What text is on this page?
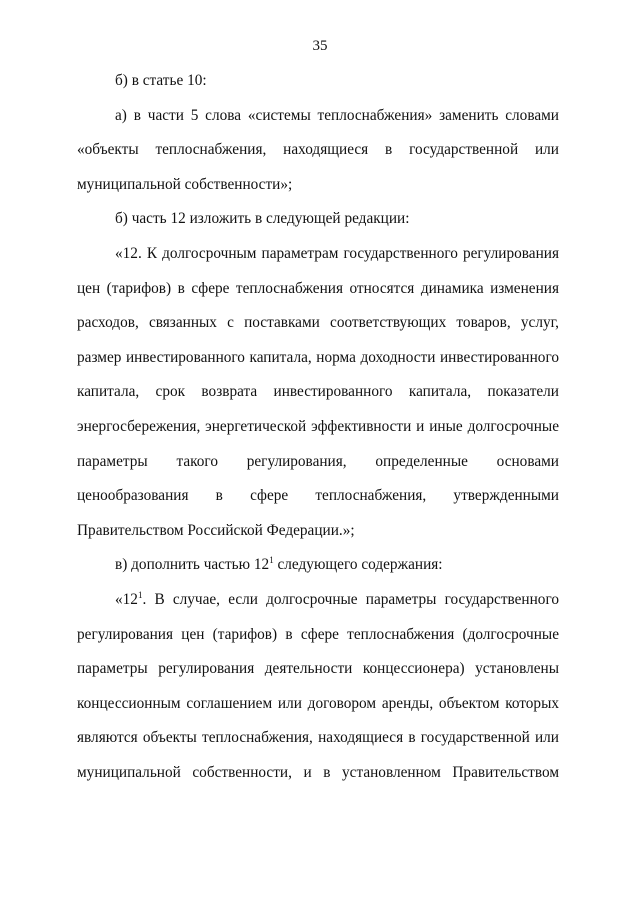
35
б) в статье 10:
а) в части 5 слова «системы теплоснабжения» заменить словами
«объекты теплоснабжения, находящиеся в государственной или
муниципальной собственности»;
б) часть 12 изложить в следующей редакции:
«12. К долгосрочным параметрам государственного регулирования
цен (тарифов) в сфере теплоснабжения относятся динамика изменения
расходов, связанных с поставками соответствующих товаров, услуг,
размер инвестированного капитала, норма доходности инвестированного
капитала, срок возврата инвестированного капитала, показатели
энергосбережения, энергетической эффективности и иные долгосрочные
параметры такого регулирования, определенные основами
ценообразования в сфере теплоснабжения, утвержденными
Правительством Российской Федерации.»;
в) дополнить частью $12^1$ следующего содержания:
«$12^1$. В случае, если долгосрочные параметры государственного
регулирования цен (тарифов) в сфере теплоснабжения (долгосрочные
параметры регулирования деятельности концессионера) установлены
концессионным соглашением или договором аренды, объектом которых
являются объекты теплоснабжения, находящиеся в государственной или
муниципальной собственности, и в установленном Правительством
